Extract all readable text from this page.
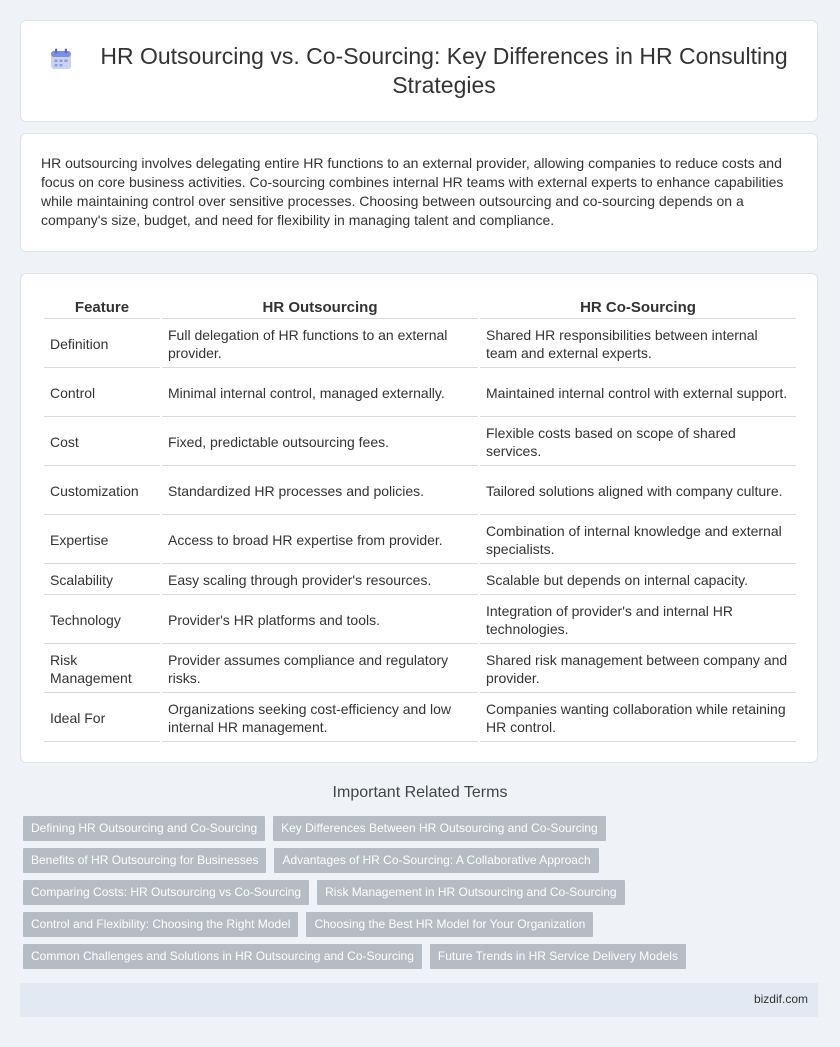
HR Outsourcing vs. Co-Sourcing: Key Differences in HR Consulting Strategies

HR outsourcing involves delegating entire HR functions to an external provider, allowing companies to reduce costs and focus on core business activities. Co-sourcing combines internal HR teams with external experts to enhance capabilities while maintaining control over sensitive processes. Choosing between outsourcing and co-sourcing depends on a company's size, budget, and need for flexibility in managing talent and compliance.

Feature	HR Outsourcing	HR Co-Sourcing
Definition	Full delegation of HR functions to an external provider.	Shared HR responsibilities between internal team and external experts.
Control	Minimal internal control, managed externally.	Maintained internal control with external support.
Cost	Fixed, predictable outsourcing fees.	Flexible costs based on scope of shared services.
Customization	Standardized HR processes and policies.	Tailored solutions aligned with company culture.
Expertise	Access to broad HR expertise from provider.	Combination of internal knowledge and external specialists.
Scalability	Easy scaling through provider's resources.	Scalable but depends on internal capacity.
Technology	Provider's HR platforms and tools.	Integration of provider's and internal HR technologies.
Risk Management	Provider assumes compliance and regulatory risks.	Shared risk management between company and provider.
Ideal For	Organizations seeking cost-efficiency and low internal HR management.	Companies wanting collaboration while retaining HR control.
Important Related Terms
Defining HR Outsourcing and Co-Sourcing	Key Differences Between HR Outsourcing and Co-Sourcing
Benefits of HR Outsourcing for Businesses	Advantages of HR Co-Sourcing: A Collaborative Approach
Comparing Costs: HR Outsourcing vs Co-Sourcing	Risk Management in HR Outsourcing and Co-Sourcing
Control and Flexibility: Choosing the Right Model	Choosing the Best HR Model for Your Organization
Common Challenges and Solutions in HR Outsourcing and Co-Sourcing	Future Trends in HR Service Delivery Models
bizdif.com
